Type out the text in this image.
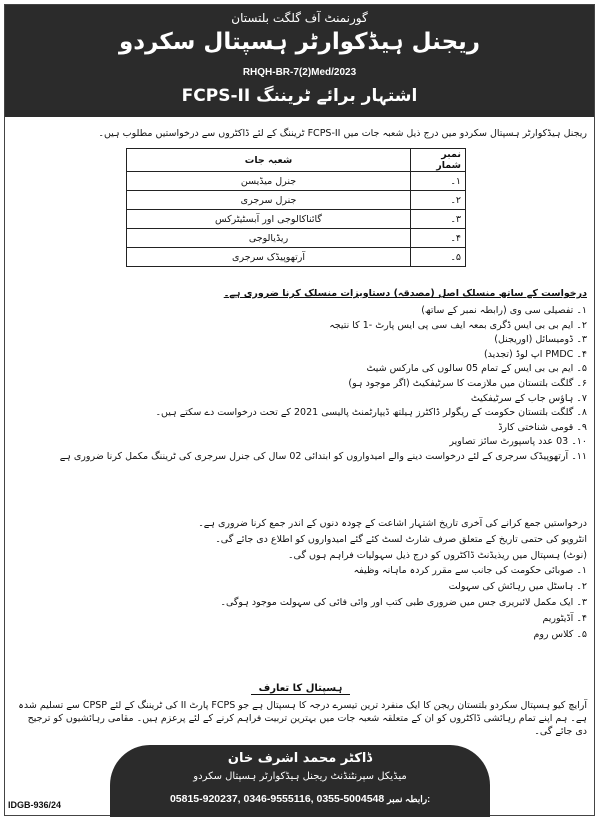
گورنمنٹ آف گلگت بلتستان
ریجنل ہیڈکوارٹر ہسپتال سکردو
RHQH-BR-7(2)Med/2023
اشتہار برائے ٹریننگ FCPS-II
ریجنل ہیڈکوارٹر ہسپتال سکردو میں درج ذیل شعبہ جات میں FCPS-II ٹریننگ کے لئے ڈاکٹروں سے درخواستیں مطلوب ہیں۔
نمبر شمار	شعبہ جات
۱۔	جنرل میڈیسن
۲۔	جنرل سرجری
۳۔	گائناکالوجی اور آبسٹیٹرکس
۴۔	ریڈیالوجی
۵۔	آرتھوپیڈک سرجری
درخواست کے ساتھ منسلک اصل (مصدقہ) دستاویزات منسلک کرنا ضروری ہے۔
۱۔ تفصیلی سی وی (رابطہ نمبر کے ساتھ)
۲۔ ایم بی بی ایس ڈگری بمعہ ایف سی پی ایس پارٹ -1 کا نتیجہ
۳۔ ڈومیسائل (اوریجنل)
۴۔ PMDC اپ لوڈ (تجدید)
۵۔ ایم بی بی ایس کے تمام 05 سالوں کی مارکس شیٹ
۶۔ گلگت بلتستان میں ملازمت کا سرٹیفکیٹ (اگر موجود ہو)
۷۔ ہاؤس جاب کے سرٹیفکیٹ
۸۔ گلگت بلتستان حکومت کے ریگولر ڈاکٹرز ہیلتھ ڈیپارٹمنٹ پالیسی 2021 کے تحت درخواست دے سکتے ہیں۔
۹۔ قومی شناختی کارڈ
۱۰۔ 03 عدد پاسپورٹ سائز تصاویر
۱۱۔ آرتھوپیڈک سرجری کے لئے درخواست دینے والے امیدواروں کو ابتدائی 02 سال کی جنرل سرجری کی ٹریننگ مکمل کرنا ضروری ہے
درخواستیں جمع کرانے کی آخری تاریخ اشتہار اشاعت کے چودہ دنوں کے اندر جمع کرنا ضروری ہے۔
انٹرویو کی حتمی تاریخ کے متعلق صرف شارٹ لسٹ کئے گئے امیدواروں کو اطلاع دی جائے گی۔
(نوٹ) ہسپتال میں ریذیڈنٹ ڈاکٹروں کو درج ذیل سہولیات فراہم ہوں گی۔
۱۔ صوبائی حکومت کی جانب سے مقرر کردہ ماہانہ وظیفہ
۲۔ ہاسٹل میں رہائش کی سہولت
۳۔ ایک مکمل لائبریری جس میں ضروری طبی کتب اور وائی فائی کی سہولت موجود ہوگی۔
۴۔ آڈیٹوریم
۵۔ کلاس روم
ہسپتال کا تعارف
آرایچ کیو ہسپتال سکردو بلتستان ریجن کا ایک منفرد ترین تیسرے درجہ کا ہسپتال ہے جو FCPS پارٹ II کی ٹریننگ کے لئے CPSP سے تسلیم شدہ ہے۔ ہم اپنے تمام رہائشی ڈاکٹروں کو ان کے متعلقہ شعبہ جات میں بہترین تربیت فراہم کرنے کے لئے پرعزم ہیں۔ مقامی رہائشیوں کو ترجیح دی جائے گی۔
ڈاکٹر محمد اشرف خان
میڈیکل سپرنٹنڈنٹ ریجنل ہیڈکوارٹر ہسپتال سکردو
05815-920237, 0346-9555116, 0355-5004548 رابطہ نمبر:
IDGB-936/24
